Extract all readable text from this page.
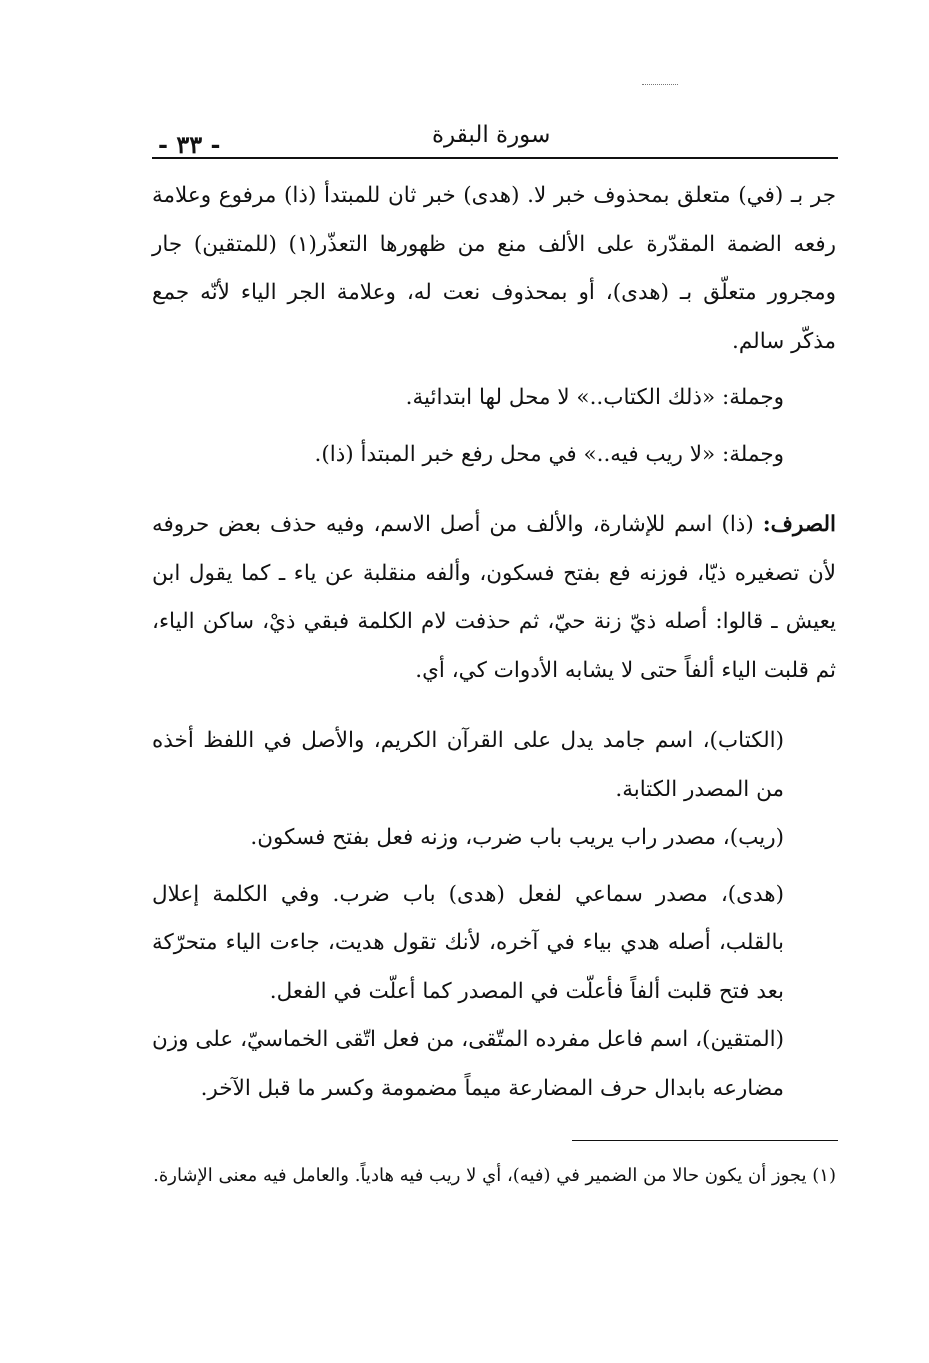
- ٣٣ -	سورة البقرة

جر بـ (في) متعلق بمحذوف خبر لا. (هدى) خبر ثان للمبتدأ (ذا) مرفوع وعلامة رفعه الضمة المقدّرة على الألف منع من ظهورها التعذّر(١) (للمتقين) جار ومجرور متعلّق بـ (هدى)، أو بمحذوف نعت له، وعلامة الجر الياء لأنّه جمع مذكّر سالم.

وجملة: «ذلك الكتاب..» لا محل لها ابتدائية.

وجملة: «لا ريب فيه..» في محل رفع خبر المبتدأ (ذا).

الصرف: (ذا) اسم للإشارة، والألف من أصل الاسم، وفيه حذف بعض حروفه لأن تصغيره ذيّا، فوزنه فع بفتح فسكون، وألفه منقلبة عن ياء ـ كما يقول ابن يعيش ـ قالوا: أصله ذيّ زنة حيّ، ثم حذفت لام الكلمة فبقي ذيْ، ساكن الياء، ثم قلبت الياء ألفاً حتى لا يشابه الأدوات كي، أي.

(الكتاب)، اسم جامد يدل على القرآن الكريم، والأصل في اللفظ أخذه من المصدر الكتابة.

(ريب)، مصدر راب يريب باب ضرب، وزنه فعل بفتح فسكون.

(هدى)، مصدر سماعي لفعل (هدى) باب ضرب. وفي الكلمة إعلال بالقلب، أصله هدي بياء في آخره، لأنك تقول هديت، جاءت الياء متحرّكة بعد فتح قلبت ألفاً فأعلّت في المصدر كما أعلّت في الفعل.

(المتقين)، اسم فاعل مفرده المتّقى، من فعل اتّقى الخماسيّ، على وزن مضارعه بابدال حرف المضارعة ميماً مضمومة وكسر ما قبل الآخر.

(١) يجوز أن يكون حالا من الضمير في (فيه)، أي لا ريب فيه هادياً. والعامل فيه معنى الإشارة.
